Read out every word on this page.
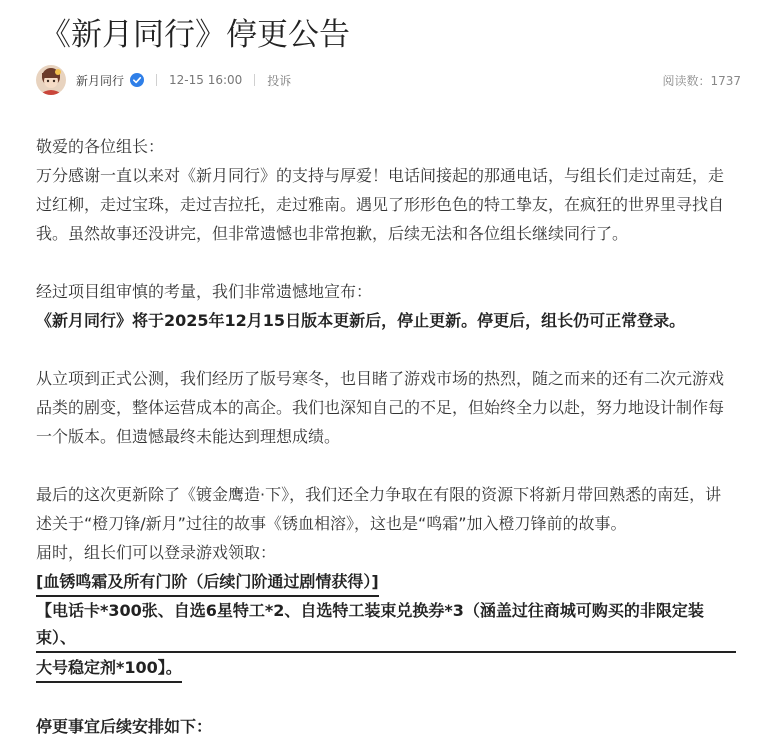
《新月同行》停更公告
新月同行	12-15 16:00 投诉	阅读数：1737

敬爱的各位组长：

万分感谢一直以来对《新月同行》的支持与厚爱！电话间接起的那通电话，与组长们走过南廷，走

过红柳，走过宝珠，走过吉拉托，走过雅南。遇见了形形色色的特工挚友，在疯狂的世界里寻找自

我。虽然故事还没讲完，但非常遗憾也非常抱歉，后续无法和各位组长继续同行了。

经过项目组审慎的考量，我们非常遗憾地宣布：

《新月同行》将于2025年12月15日版本更新后，停止更新。停更后，组长仍可正常登录。

从立项到正式公测，我们经历了版号寒冬，也目睹了游戏市场的热烈，随之而来的还有二次元游戏

品类的剧变，整体运营成本的高企。我们也深知自己的不足，但始终全力以赴，努力地设计制作每

一个版本。但遗憾最终未能达到理想成绩。

最后的这次更新除了《镀金鹰造·下》，我们还全力争取在有限的资源下将新月带回熟悉的南廷，讲

述关于“橙刀锋/新月”过往的故事《锈血相溶》，这也是“鸣霜”加入橙刀锋前的故事。

届时，组长们可以登录游戏领取：

[血锈鸣霜及所有门阶（后续门阶通过剧情获得）]

【电话卡*300张、自选6星特工*2、自选特工装束兑换券*3（涵盖过往商城可购买的非限定装束）、

大号稳定剂*100】。

停更事宜后续安排如下：
